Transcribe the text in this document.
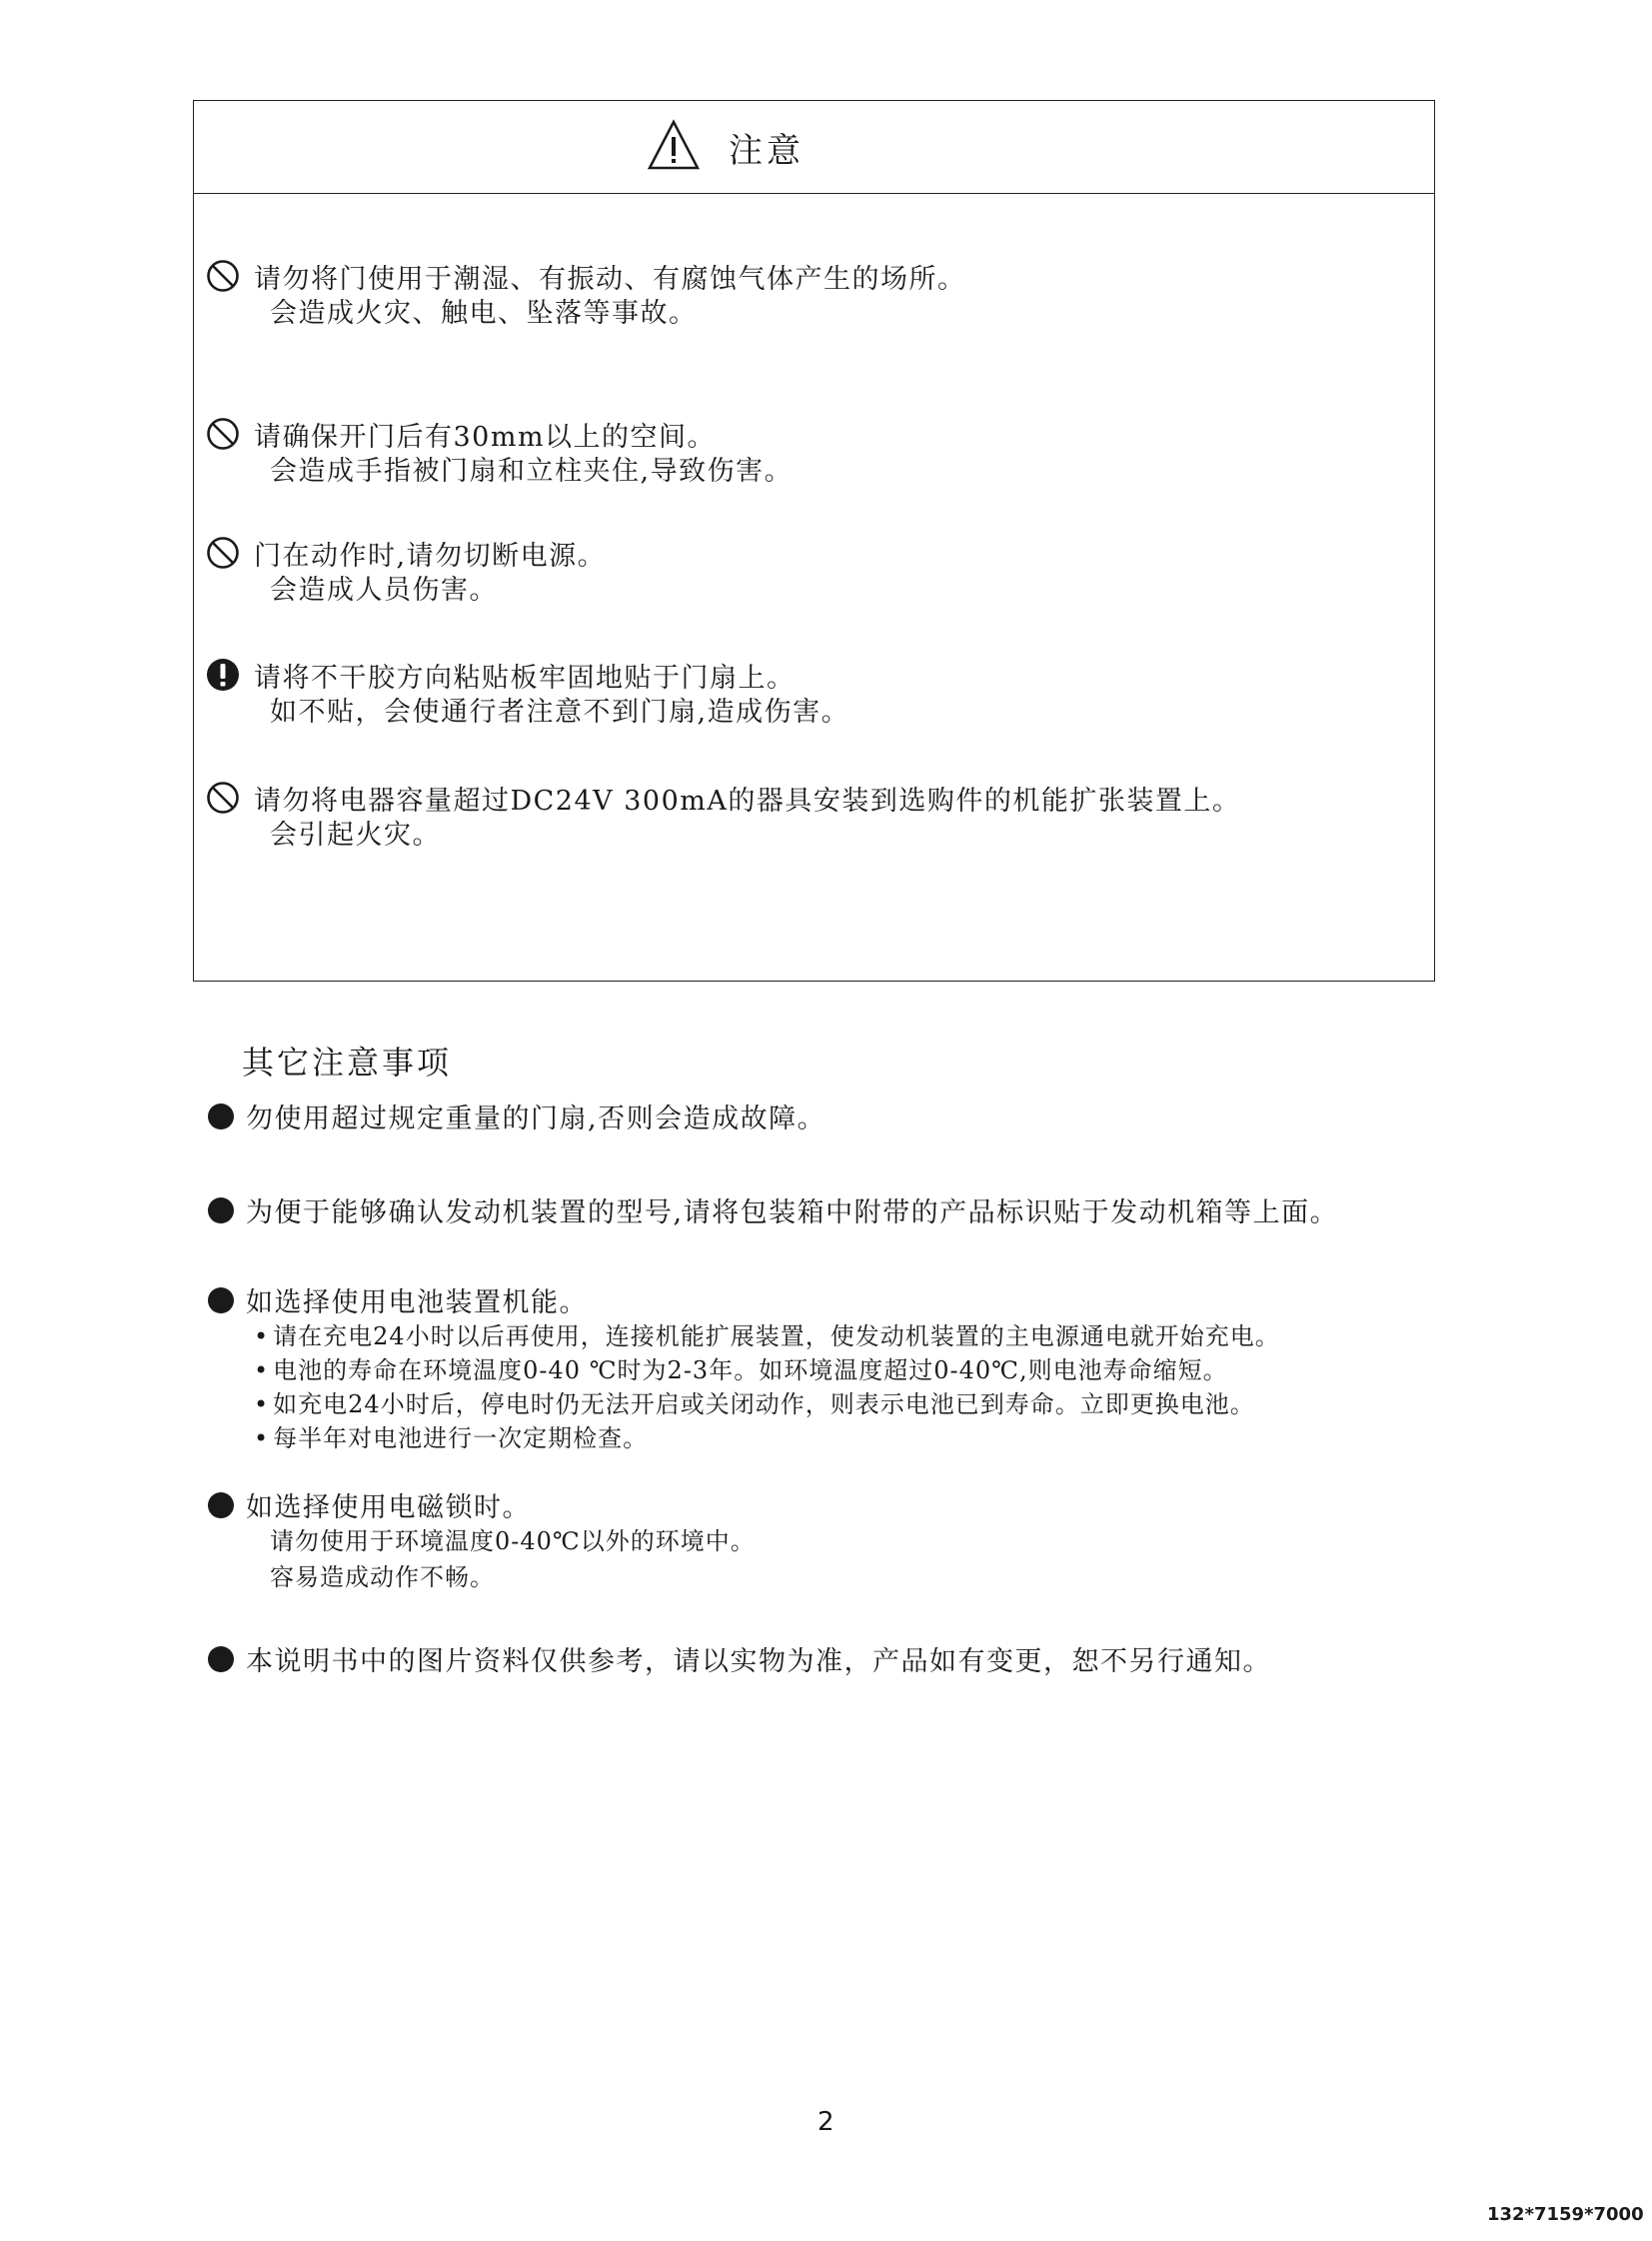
注意
请勿将门使用于潮湿、有振动、有腐蚀气体产生的场所。
会造成火灾、触电、坠落等事故。
请确保开门后有30mm以上的空间。
会造成手指被门扇和立柱夹住,导致伤害。
门在动作时,请勿切断电源。
会造成人员伤害。
请将不干胶方向粘贴板牢固地贴于门扇上。
如不贴，会使通行者注意不到门扇,造成伤害。
请勿将电器容量超过DC24V 300mA的器具安装到选购件的机能扩张装置上。
会引起火灾。
其它注意事项
勿使用超过规定重量的门扇,否则会造成故障。
为便于能够确认发动机装置的型号,请将包装箱中附带的产品标识贴于发动机箱等上面。
如选择使用电池装置机能。
• 请在充电24小时以后再使用，连接机能扩展装置，使发动机装置的主电源通电就开始充电。
• 电池的寿命在环境温度0-40 ℃时为2-3年。如环境温度超过0-40℃,则电池寿命缩短。
• 如充电24小时后，停电时仍无法开启或关闭动作，则表示电池已到寿命。立即更换电池。
• 每半年对电池进行一次定期检查。
如选择使用电磁锁时。
请勿使用于环境温度0-40℃以外的环境中。
容易造成动作不畅。
本说明书中的图片资料仅供参考，请以实物为准，产品如有变更，恕不另行通知。
2
132*7159*7000
